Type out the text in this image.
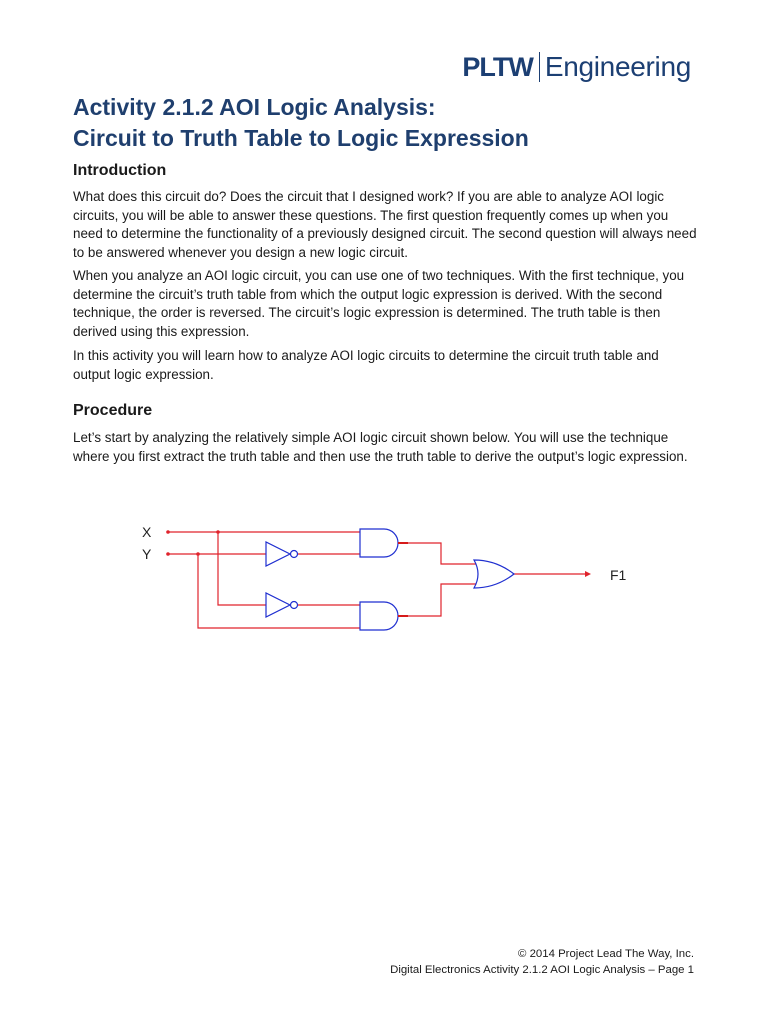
PLTW Engineering
Activity 2.1.2 AOI Logic Analysis:
Circuit to Truth Table to Logic Expression
Introduction

What does this circuit do? Does the circuit that I designed work? If you are able to analyze AOI logic circuits, you will be able to answer these questions. The first question frequently comes up when you need to determine the functionality of a previously designed circuit. The second question will always need to be answered whenever you design a new logic circuit.

When you analyze an AOI logic circuit, you can use one of two techniques. With the first technique, you determine the circuit’s truth table from which the output logic expression is derived. With the second technique, the order is reversed. The circuit’s logic expression is determined. The truth table is then derived using this expression.

In this activity you will learn how to analyze AOI logic circuits to determine the circuit truth table and output logic expression.

Procedure

Let’s start by analyzing the relatively simple AOI logic circuit shown below. You will use the technique where you first extract the truth table and then use the truth table to derive the output’s logic expression.

X
Y
F1
© 2014 Project Lead The Way, Inc.
Digital Electronics Activity 2.1.2 AOI Logic Analysis – Page 1
